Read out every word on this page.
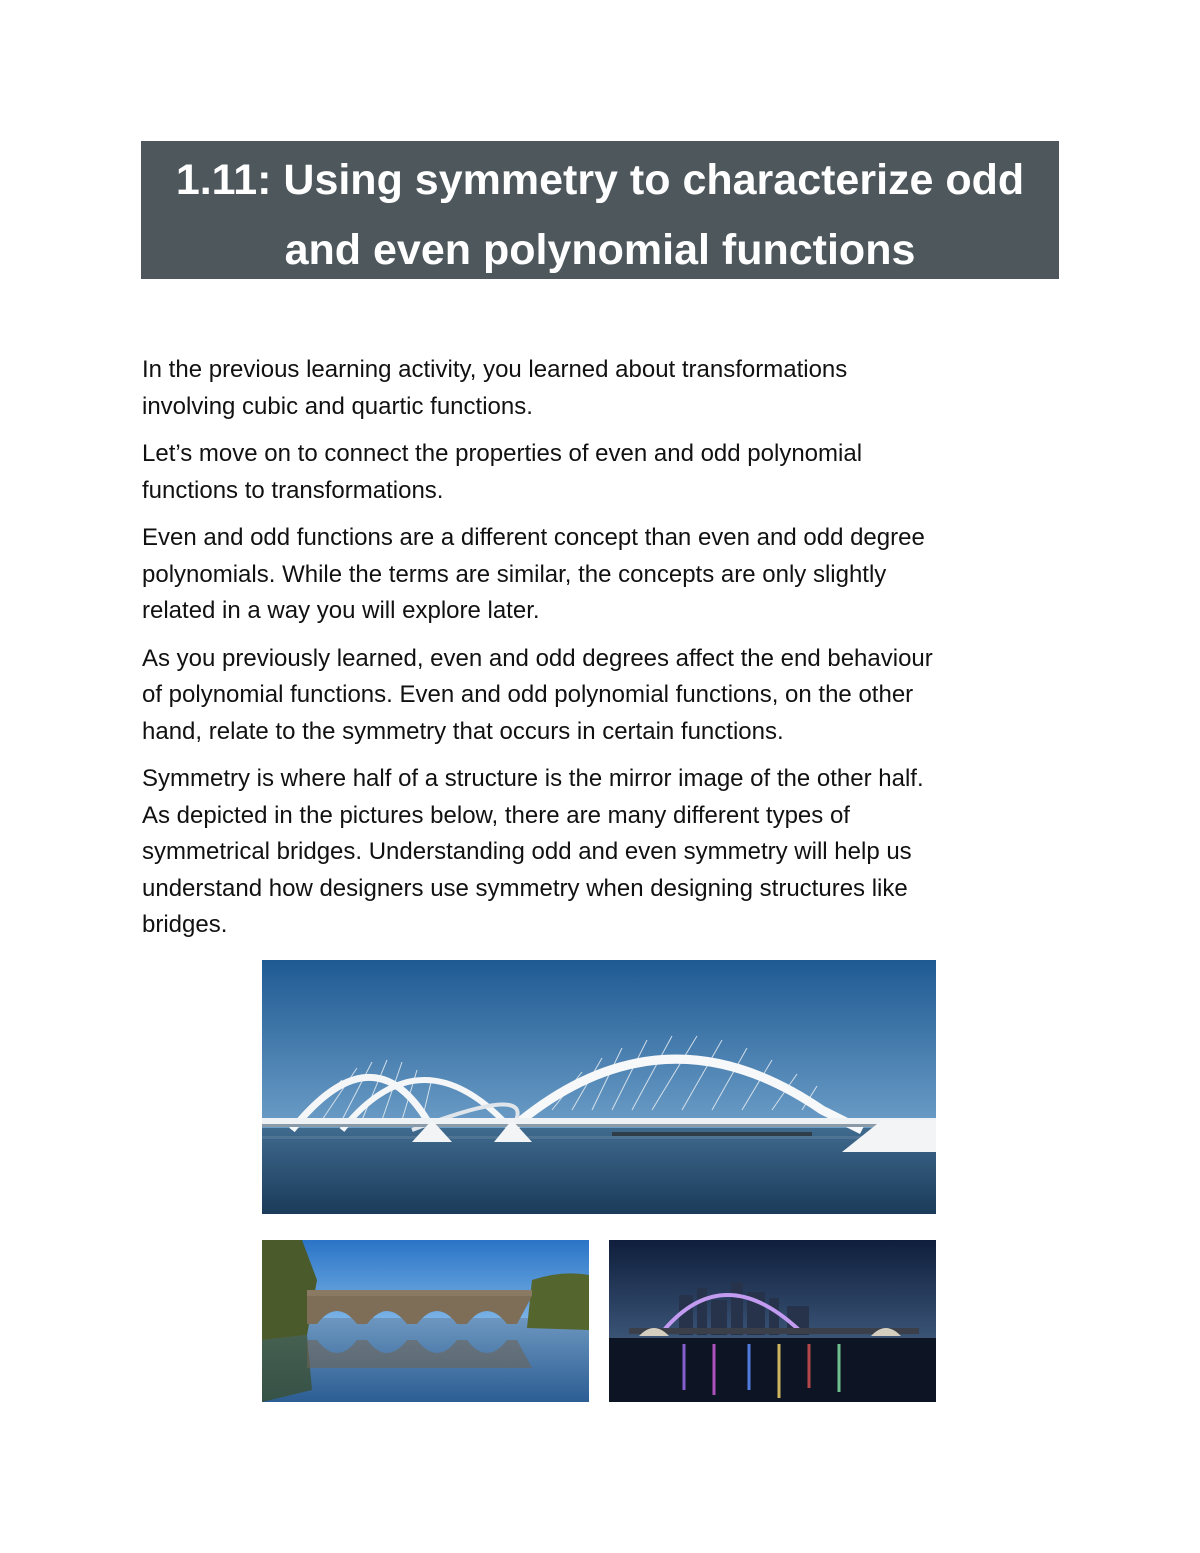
1.11: Using symmetry to characterize odd
and even polynomial functions

In the previous learning activity, you learned about transformations
involving cubic and quartic functions.

Let’s move on to connect the properties of even and odd polynomial
functions to transformations.

Even and odd functions are a different concept than even and odd degree
polynomials. While the terms are similar, the concepts are only slightly
related in a way you will explore later.

As you previously learned, even and odd degrees affect the end behaviour
of polynomial functions. Even and odd polynomial functions, on the other
hand, relate to the symmetry that occurs in certain functions.

Symmetry is where half of a structure is the mirror image of the other half.
As depicted in the pictures below, there are many different types of
symmetrical bridges. Understanding odd and even symmetry will help us
understand how designers use symmetry when designing structures like
bridges.
